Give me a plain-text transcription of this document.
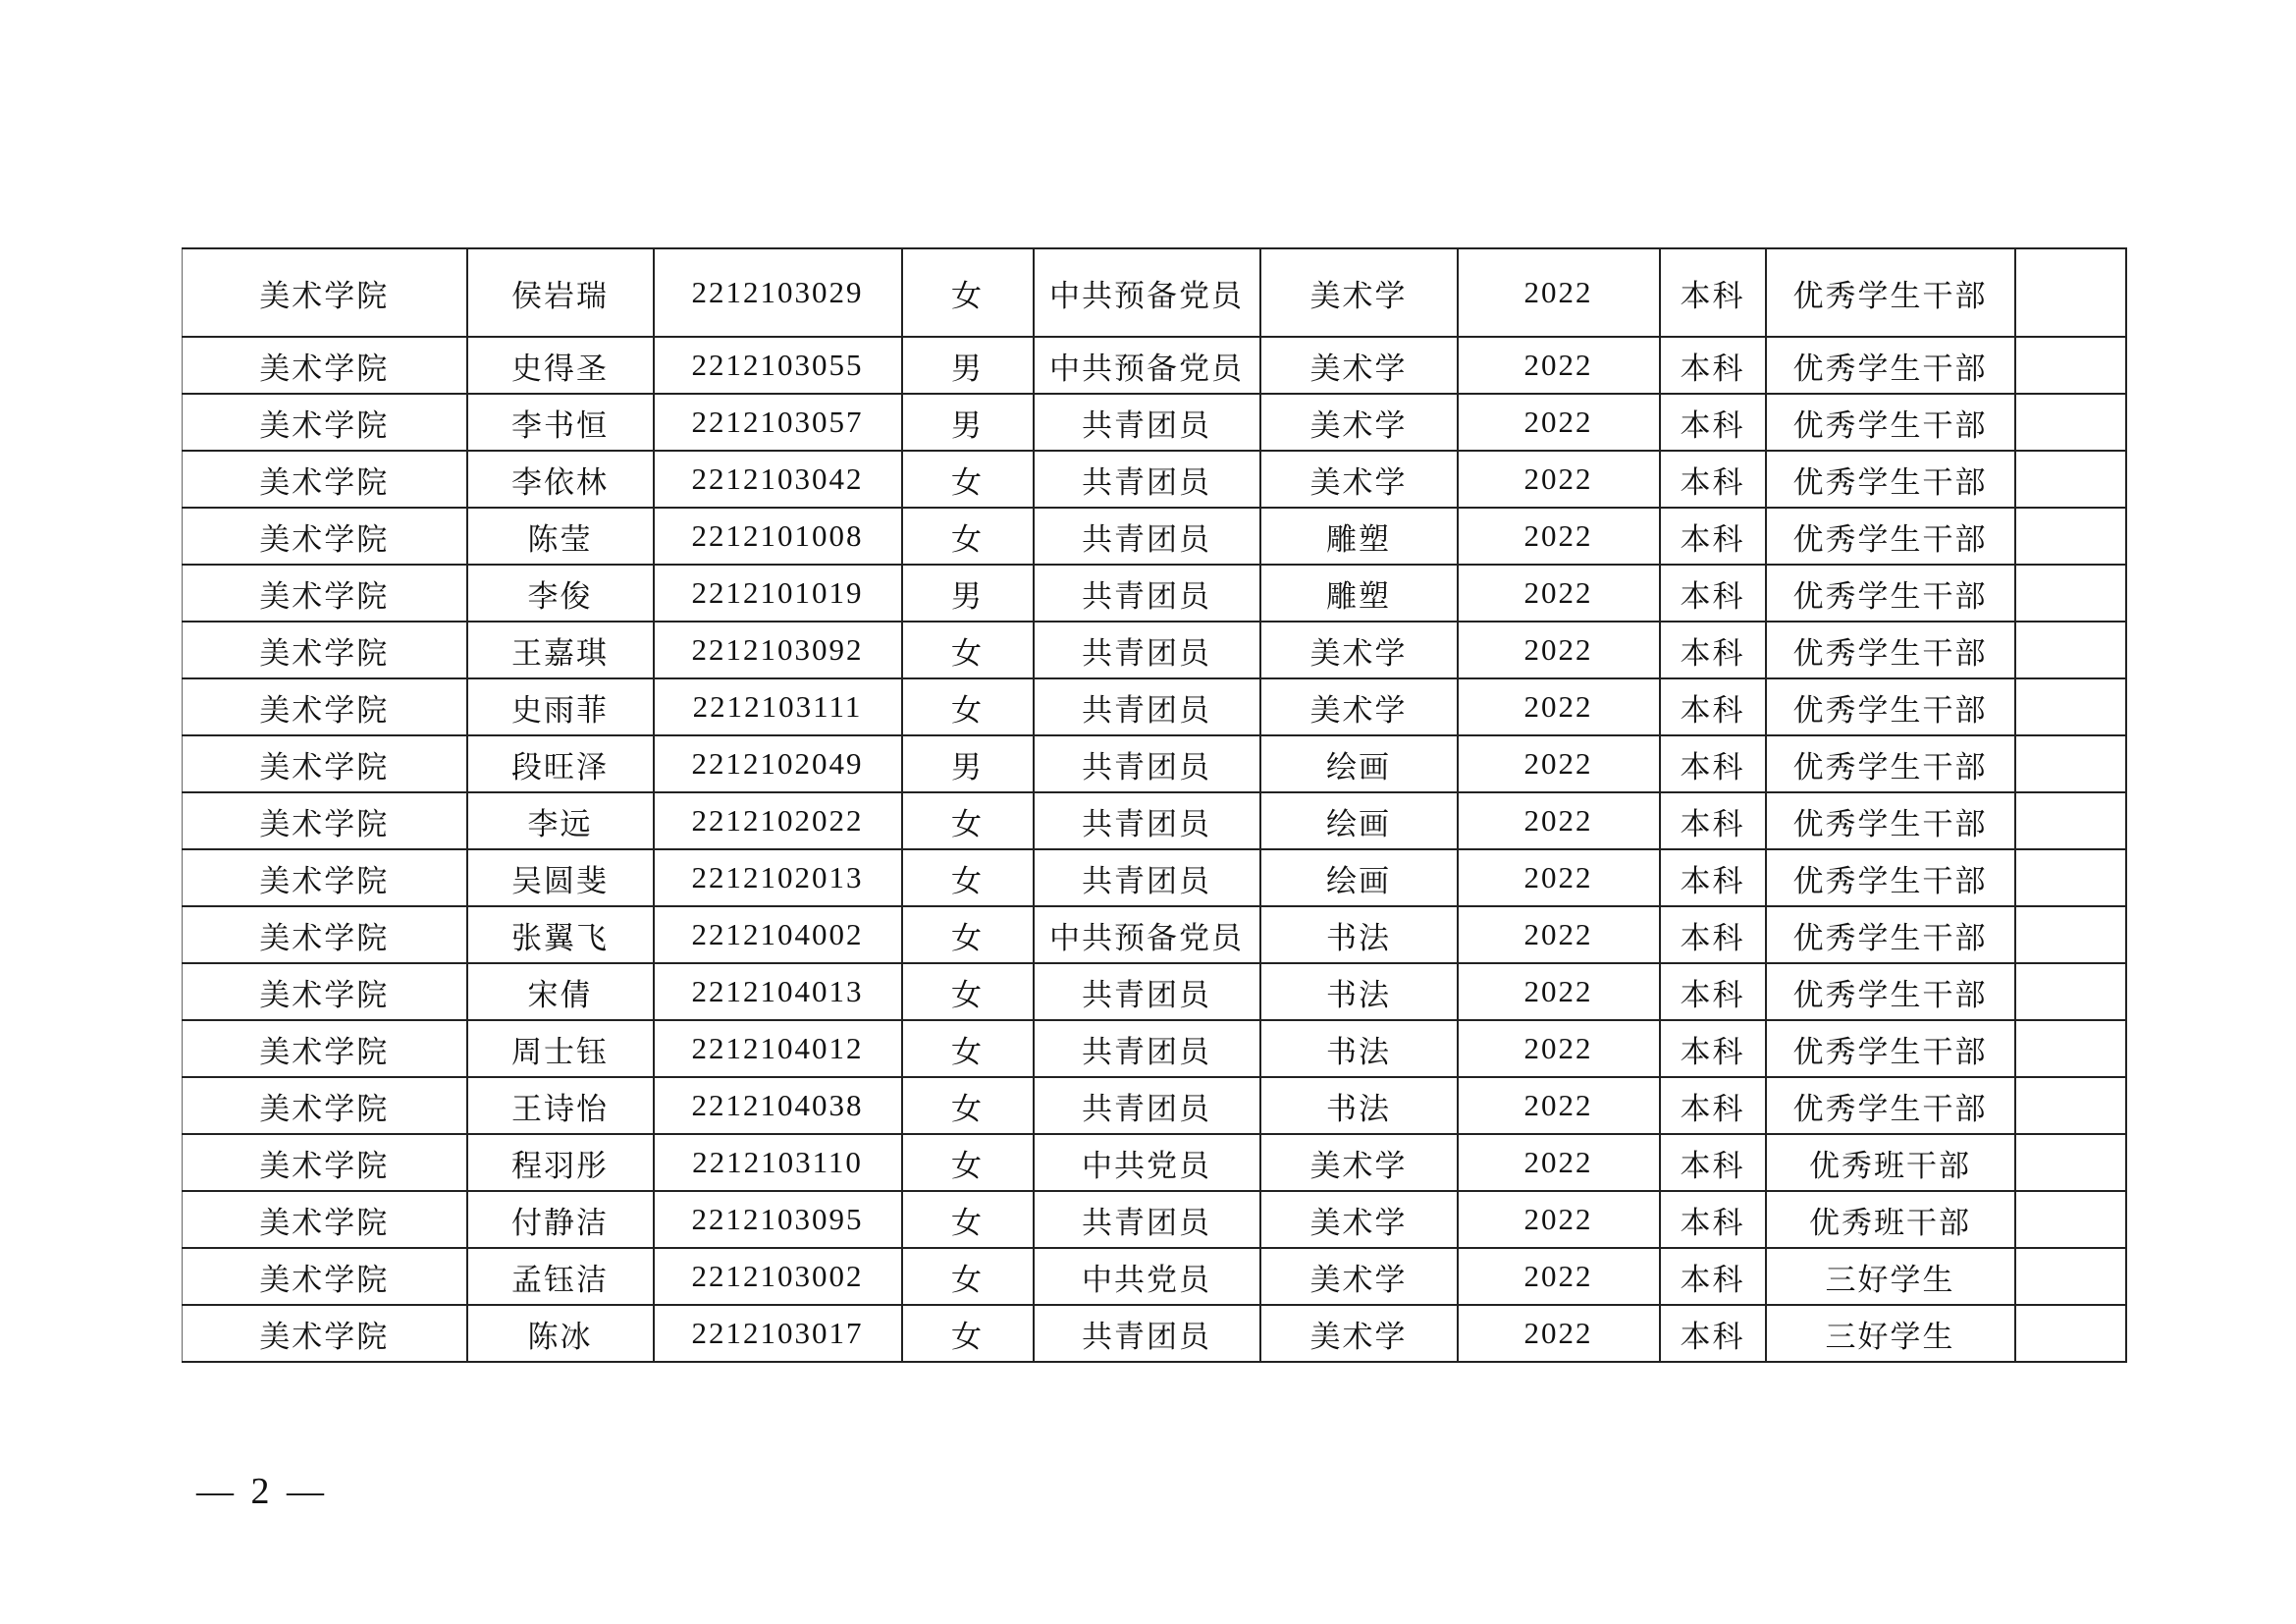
美术学院	侯岩瑞	2212103029	女	中共预备党员	美术学	2022	本科	优秀学生干部	
美术学院	史得圣	2212103055	男	中共预备党员	美术学	2022	本科	优秀学生干部	
美术学院	李书恒	2212103057	男	共青团员	美术学	2022	本科	优秀学生干部	
美术学院	李依林	2212103042	女	共青团员	美术学	2022	本科	优秀学生干部	
美术学院	陈莹	2212101008	女	共青团员	雕塑	2022	本科	优秀学生干部	
美术学院	李俊	2212101019	男	共青团员	雕塑	2022	本科	优秀学生干部	
美术学院	王嘉琪	2212103092	女	共青团员	美术学	2022	本科	优秀学生干部	
美术学院	史雨菲	2212103111	女	共青团员	美术学	2022	本科	优秀学生干部	
美术学院	段旺泽	2212102049	男	共青团员	绘画	2022	本科	优秀学生干部	
美术学院	李远	2212102022	女	共青团员	绘画	2022	本科	优秀学生干部	
美术学院	吴圆斐	2212102013	女	共青团员	绘画	2022	本科	优秀学生干部	
美术学院	张翼飞	2212104002	女	中共预备党员	书法	2022	本科	优秀学生干部	
美术学院	宋倩	2212104013	女	共青团员	书法	2022	本科	优秀学生干部	
美术学院	周士钰	2212104012	女	共青团员	书法	2022	本科	优秀学生干部	
美术学院	王诗怡	2212104038	女	共青团员	书法	2022	本科	优秀学生干部	
美术学院	程羽彤	2212103110	女	中共党员	美术学	2022	本科	优秀班干部	
美术学院	付静洁	2212103095	女	共青团员	美术学	2022	本科	优秀班干部	
美术学院	孟钰洁	2212103002	女	中共党员	美术学	2022	本科	三好学生	
美术学院	陈冰	2212103017	女	共青团员	美术学	2022	本科	三好学生	
— 2 —
